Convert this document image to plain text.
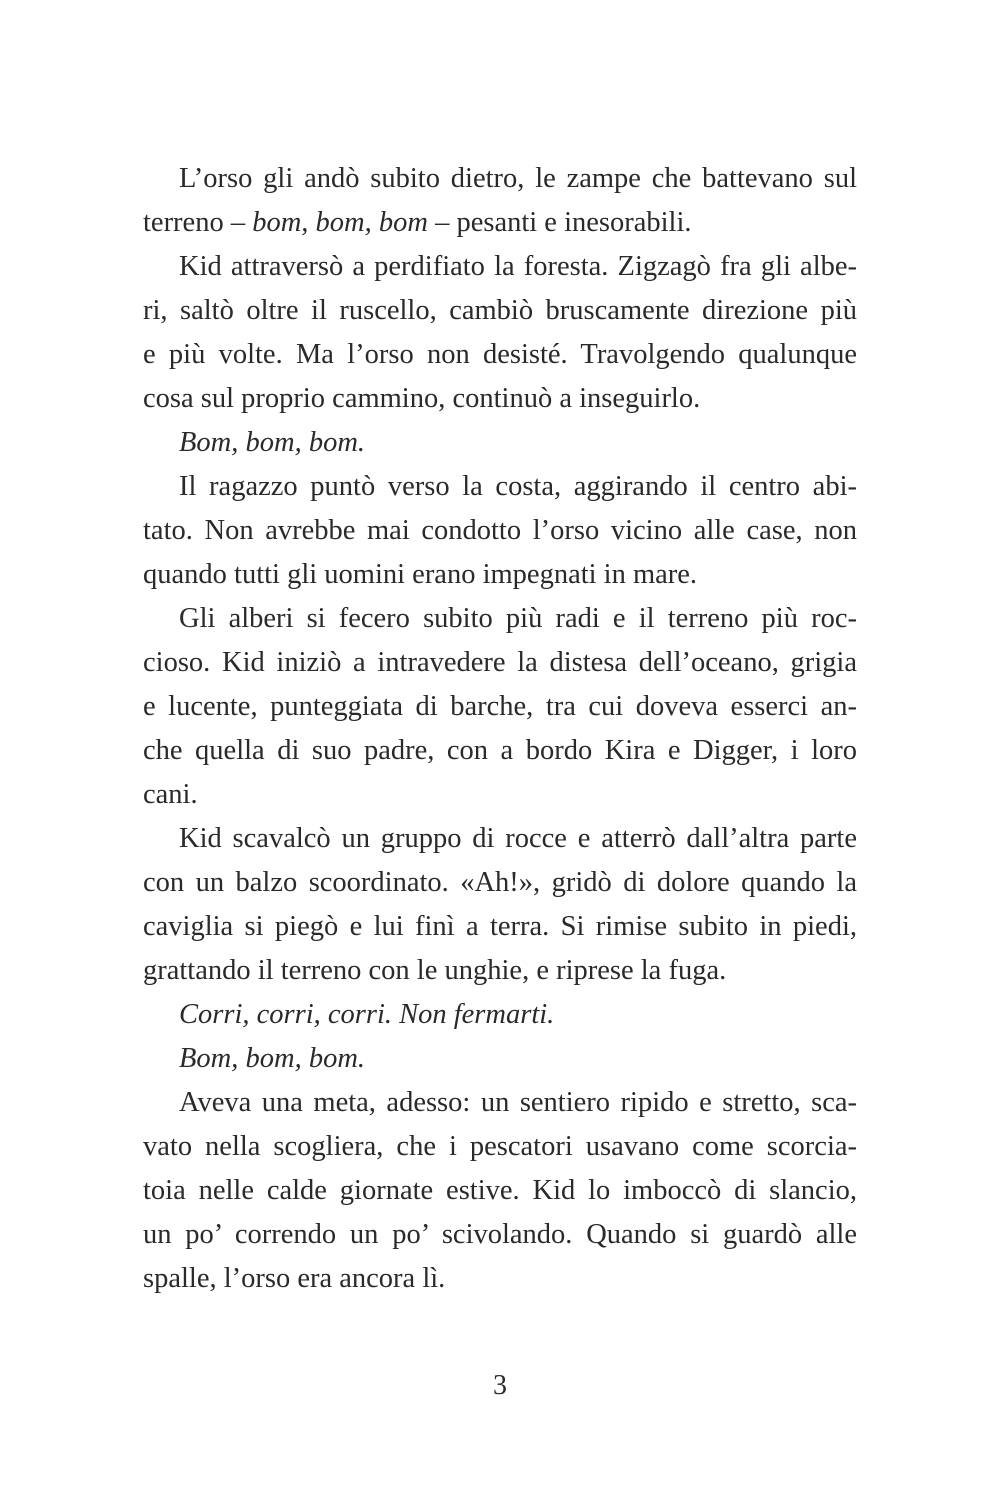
L’orso gli andò subito dietro, le zampe che battevano sul
terreno – bom, bom, bom – pesanti e inesorabili.
Kid attraversò a perdifiato la foresta. Zigzagò fra gli albe-
ri, saltò oltre il ruscello, cambiò bruscamente direzione più
e più volte. Ma l’orso non desisté. Travolgendo qualunque
cosa sul proprio cammino, continuò a inseguirlo.
Bom, bom, bom.
Il ragazzo puntò verso la costa, aggirando il centro abi-
tato. Non avrebbe mai condotto l’orso vicino alle case, non
quando tutti gli uomini erano impegnati in mare.
Gli alberi si fecero subito più radi e il terreno più roc-
cioso. Kid iniziò a intravedere la distesa dell’oceano, grigia
e lucente, punteggiata di barche, tra cui doveva esserci an-
che quella di suo padre, con a bordo Kira e Digger, i loro
cani.
Kid scavalcò un gruppo di rocce e atterrò dall’altra parte
con un balzo scoordinato. «Ah!», gridò di dolore quando la
caviglia si piegò e lui finì a terra. Si rimise subito in piedi,
grattando il terreno con le unghie, e riprese la fuga.
Corri, corri, corri. Non fermarti.
Bom, bom, bom.
Aveva una meta, adesso: un sentiero ripido e stretto, sca-
vato nella scogliera, che i pescatori usavano come scorcia-
toia nelle calde giornate estive. Kid lo imboccò di slancio,
un po’ correndo un po’ scivolando. Quando si guardò alle
spalle, l’orso era ancora lì.
3
